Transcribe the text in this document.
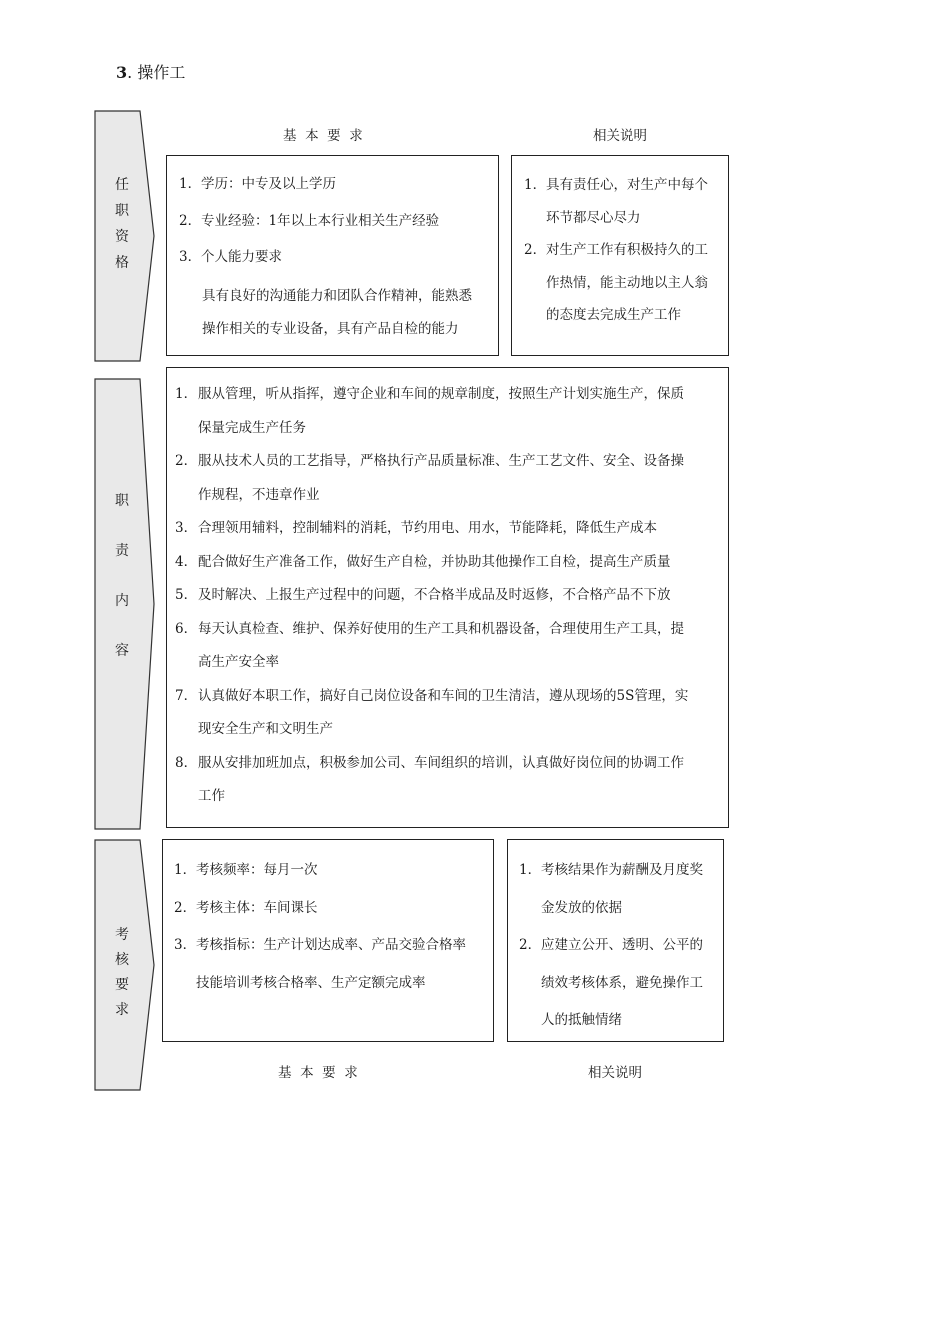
3. 操作工
基  本  要  求	相关说明
任
职
资
格
1．学历：中专及以上学历
2．专业经验：1年以上本行业相关生产经验
3．个人能力要求
具有良好的沟通能力和团队合作精神，能熟悉
操作相关的专业设备，具有产品自检的能力
1．具有责任心，对生产中每个
环节都尽心尽力
2．对生产工作有积极持久的工
作热情，能主动地以主人翁
的态度去完成生产工作
职
责
内
容
1．服从管理，听从指挥，遵守企业和车间的规章制度，按照生产计划实施生产，保质
保量完成生产任务
2．服从技术人员的工艺指导，严格执行产品质量标准、生产工艺文件、安全、设备操
作规程，不违章作业
3．合理领用辅料，控制辅料的消耗，节约用电、用水，节能降耗，降低生产成本
4．配合做好生产准备工作，做好生产自检，并协助其他操作工自检，提高生产质量
5．及时解决、上报生产过程中的问题，不合格半成品及时返修，不合格产品不下放
6．每天认真检查、维护、保养好使用的生产工具和机器设备，合理使用生产工具，提
高生产安全率
7．认真做好本职工作，搞好自己岗位设备和车间的卫生清洁，遵从现场的5S管理，实
现安全生产和文明生产
8．服从安排加班加点，积极参加公司、车间组织的培训，认真做好岗位间的协调工作
工作
考
核
要
求
1．考核频率：每月一次
2．考核主体：车间课长
3．考核指标：生产计划达成率、产品交验合格率
技能培训考核合格率、生产定额完成率
1．考核结果作为薪酬及月度奖
金发放的依据
2．应建立公开、透明、公平的
绩效考核体系，避免操作工
人的抵触情绪
基  本  要  求	相关说明
